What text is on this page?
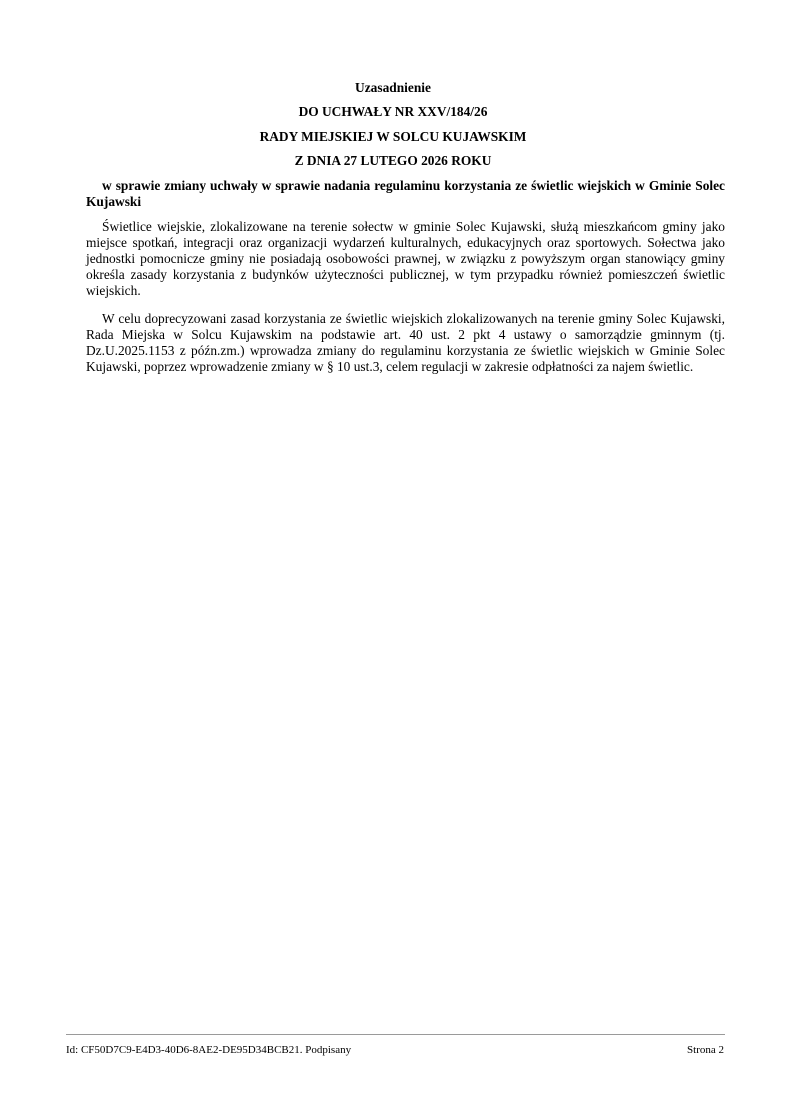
Uzasadnienie
DO UCHWAŁY NR XXV/184/26
RADY MIEJSKIEJ W SOLCU KUJAWSKIM
Z DNIA 27 LUTEGO 2026 ROKU
w sprawie zmiany uchwały w sprawie nadania regulaminu korzystania ze świetlic wiejskich w Gminie Solec Kujawski
Świetlice wiejskie, zlokalizowane na terenie sołectw w gminie Solec Kujawski, służą mieszkańcom gminy jako miejsce spotkań, integracji oraz organizacji wydarzeń kulturalnych, edukacyjnych oraz sportowych. Sołectwa jako jednostki pomocnicze gminy nie posiadają osobowości prawnej, w związku z powyższym organ stanowiący gminy określa zasady korzystania z budynków użyteczności publicznej, w tym przypadku również pomieszczeń świetlic wiejskich.
W celu doprecyzowani zasad korzystania ze świetlic wiejskich zlokalizowanych na terenie gminy Solec Kujawski, Rada Miejska w Solcu Kujawskim na podstawie art. 40 ust. 2 pkt 4 ustawy o samorządzie gminnym (tj. Dz.U.2025.1153 z późn.zm.) wprowadza zmiany do regulaminu korzystania ze świetlic wiejskich w Gminie Solec Kujawski, poprzez wprowadzenie zmiany w § 10 ust.3, celem regulacji w zakresie odpłatności za najem świetlic.
Id: CF50D7C9-E4D3-40D6-8AE2-DE95D34BCB21. Podpisany	Strona 2
